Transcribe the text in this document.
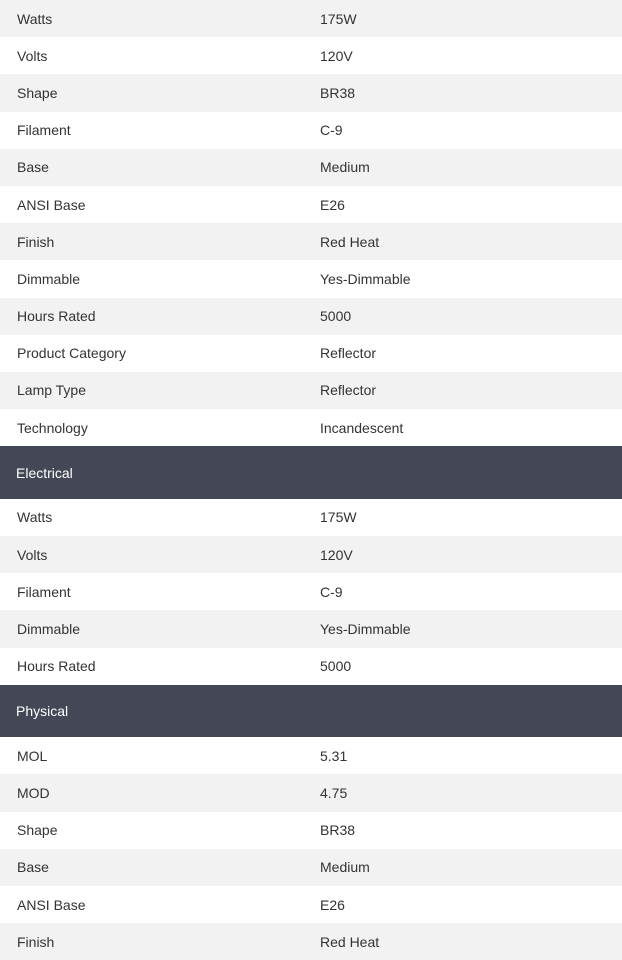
Watts	175W
Volts	120V
Shape	BR38
Filament	C-9
Base	Medium
ANSI Base	E26
Finish	Red Heat
Dimmable	Yes-Dimmable
Hours Rated	5000
Product Category	Reflector
Lamp Type	Reflector
Technology	Incandescent
Electrical
Watts	175W
Volts	120V
Filament	C-9
Dimmable	Yes-Dimmable
Hours Rated	5000
Physical
MOL	5.31
MOD	4.75
Shape	BR38
Base	Medium
ANSI Base	E26
Finish	Red Heat
